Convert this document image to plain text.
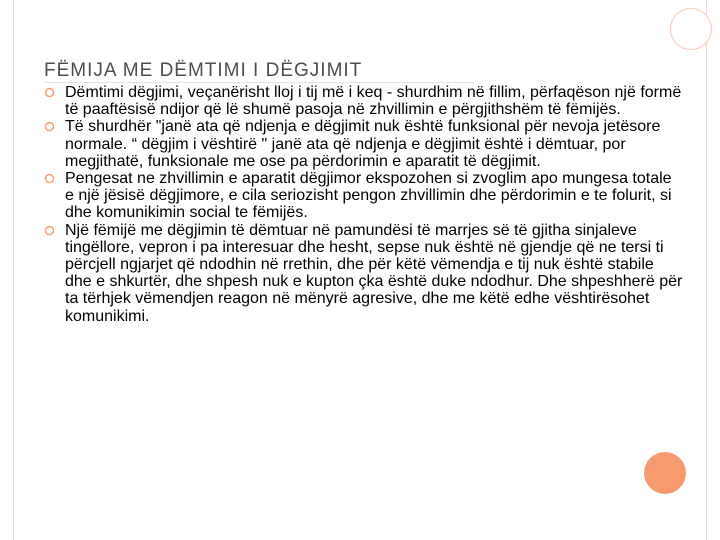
FËMIJA ME DËMTIMI I DËGJIMIT
Dëmtimi dëgjimi, veçanërisht lloj i tij më i keq - shurdhim në fillim, përfaqëson një formë të paaftësisë ndijor që lë shumë pasoja në zhvillimin e përgjithshëm të fëmijës.
Të shurdhër "janë ata që ndjenja e dëgjimit nuk është funksional për nevoja jetësore normale. “ dëgjim i vështirë " janë ata që ndjenja e dëgjimit është i dëmtuar, por megjithatë, funksionale me ose pa përdorimin e aparatit të dëgjimit.
Pengesat ne zhvillimin e aparatit dëgjimor ekspozohen si zvoglim apo mungesa totale e një jësisë dëgjimore, e cila seriozisht pengon zhvillimin dhe përdorimin e te folurit, si dhe komunikimin social te fëmijës.
Një fëmijë me dëgjimin të dëmtuar në pamundësi të marrjes së të gjitha sinjaleve tingëllore, vepron i pa interesuar dhe hesht, sepse nuk është në gjendje që ne tersi ti përcjell ngjarjet që ndodhin në rrethin, dhe për këtë vëmendja e tij nuk është stabile dhe e shkurtër, dhe shpesh nuk e kupton çka është duke ndodhur. Dhe shpeshherë për ta tërhjek vëmendjen reagon në mënyrë agresive, dhe me këtë edhe vështirësohet komunikimi.
